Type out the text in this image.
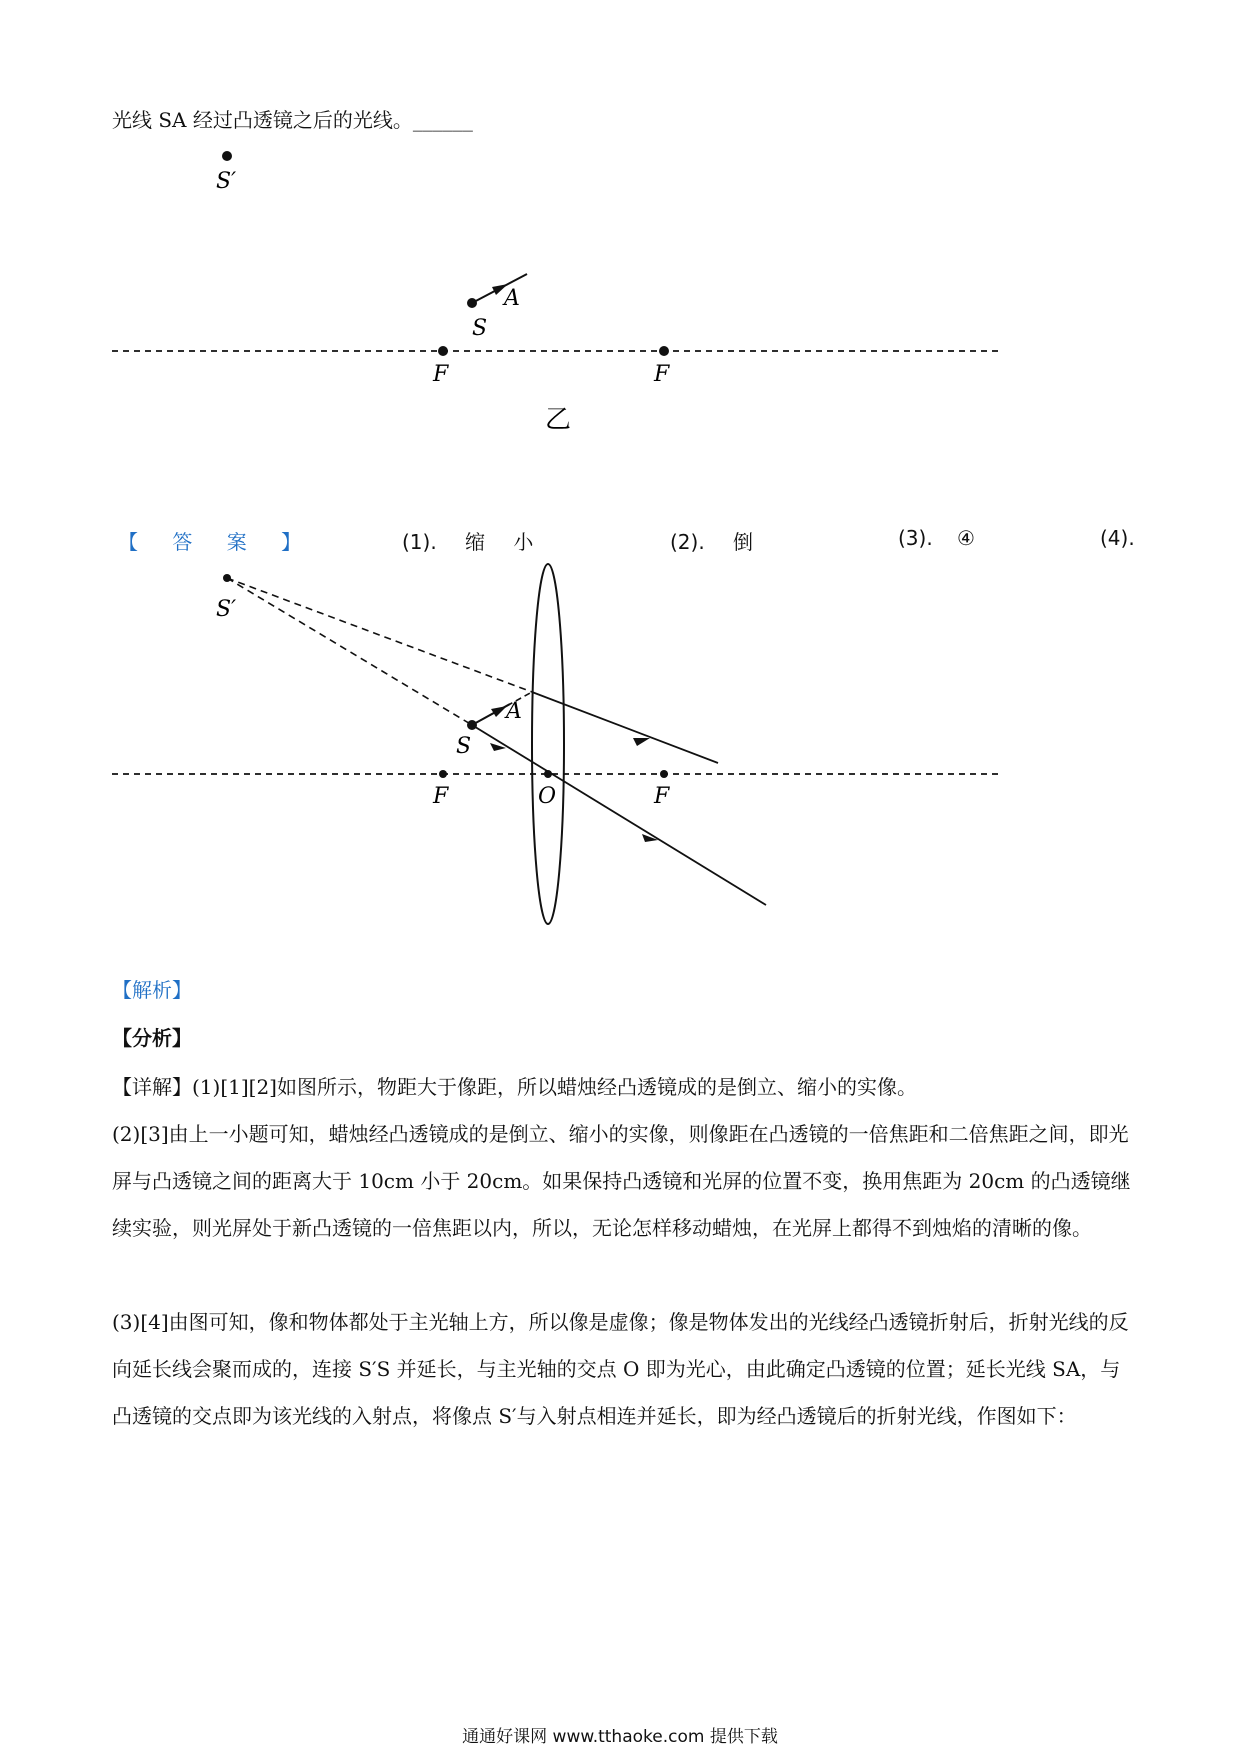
光线 SA 经过凸透镜之后的光线。______
S′
A
S
F	F
乙
【 答 案 】	(1). 缩 小	(2). 倒	(3). ④	(4).
S′
A
S
F	O	F
【解析】
【分析】
【详解】(1)[1][2]如图所示，物距大于像距，所以蜡烛经凸透镜成的是倒立、缩小的实像。
(2)[3]由上一小题可知，蜡烛经凸透镜成的是倒立、缩小的实像，则像距在凸透镜的一倍焦距和二倍焦距之间，即光屏与凸透镜之间的距离大于 10cm 小于 20cm。如果保持凸透镜和光屏的位置不变，换用焦距为 20cm 的凸透镜继续实验，则光屏处于新凸透镜的一倍焦距以内，所以，无论怎样移动蜡烛，在光屏上都得不到烛焰的清晰的像。
(3)[4]由图可知，像和物体都处于主光轴上方，所以像是虚像；像是物体发出的光线经凸透镜折射后，折射光线的反向延长线会聚而成的，连接 S′S 并延长，与主光轴的交点 O 即为光心，由此确定凸透镜的位置；延长光线 SA，与凸透镜的交点即为该光线的入射点，将像点 S′与入射点相连并延长，即为经凸透镜后的折射光线，作图如下：
通通好课网 www.tthaoke.com 提供下载
